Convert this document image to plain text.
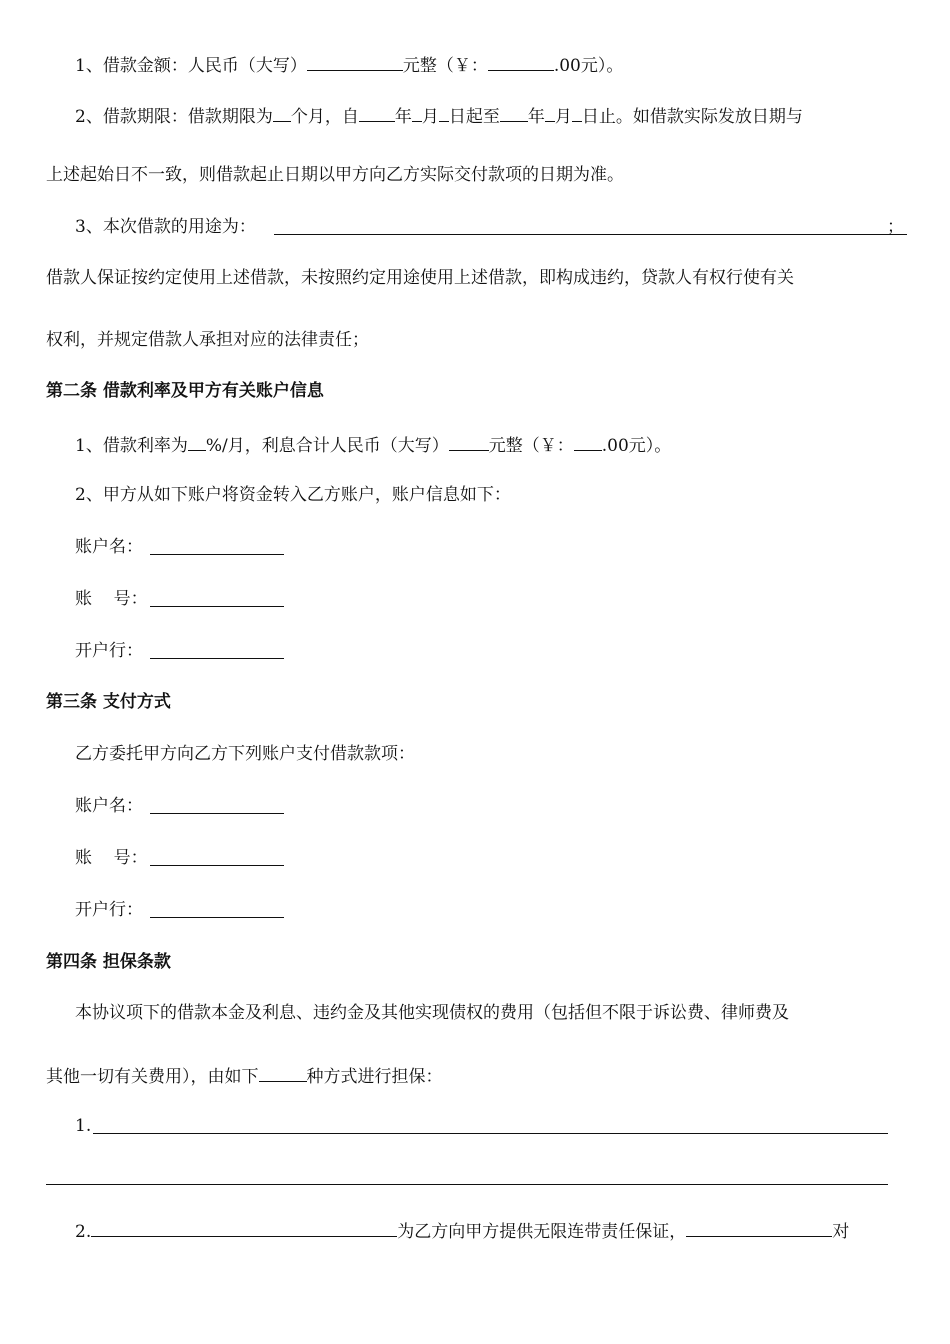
1、借款金额：人民币（大写）	元整（￥：	.00元）。
2、借款期限：借款期限为 个月，自 年 月 日起至 年 月 日止。如借款实际发放日期与
上述起始日不一致，则借款起止日期以甲方向乙方实际交付款项的日期为准。
3、本次借款的用途为：	；
借款人保证按约定使用上述借款，未按照约定用途使用上述借款，即构成违约，贷款人有权行使有关
权利，并规定借款人承担对应的法律责任；
第二条 借款利率及甲方有关账户信息
1、借款利率为 %/月，利息合计人民币（大写） 元整（￥： .00元）。
2、甲方从如下账户将资金转入乙方账户，账户信息如下：
账户名：
账    号：
开户行：
第三条 支付方式
乙方委托甲方向乙方下列账户支付借款款项：
账户名：
账    号：
开户行：
第四条 担保条款
本协议项下的借款本金及利息、违约金及其他实现债权的费用（包括但不限于诉讼费、律师费及
其他一切有关费用），由如下	种方式进行担保：
1.
2.	为乙方向甲方提供无限连带责任保证，	对
